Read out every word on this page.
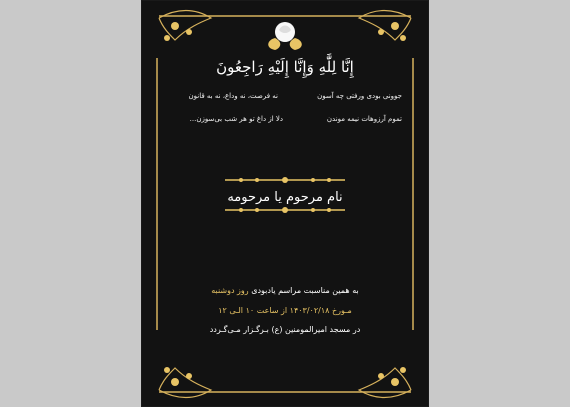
إِنَّا لِلَّٰهِ وَإِنَّا إِلَيْهِ رَاجِعُونَ
جوونی بودی ورفتی چه آسون
نه فرصت، نه وداع، نه به قانون
تموم آرزوهات نیمه موندن
دلا از داغ تو هر شب بی‌سوزن...
نام مرحوم یا مرحومه
به همین مناسبت مراسم یادبودی روز دوشنبه
مـورخ ۱۴۰۳/۰۲/۱۸ از ساعت ۱۰ الـی ۱۲
در مسجد امیرالمومنین (ع) بـرگـزار مـی‌گـردد
